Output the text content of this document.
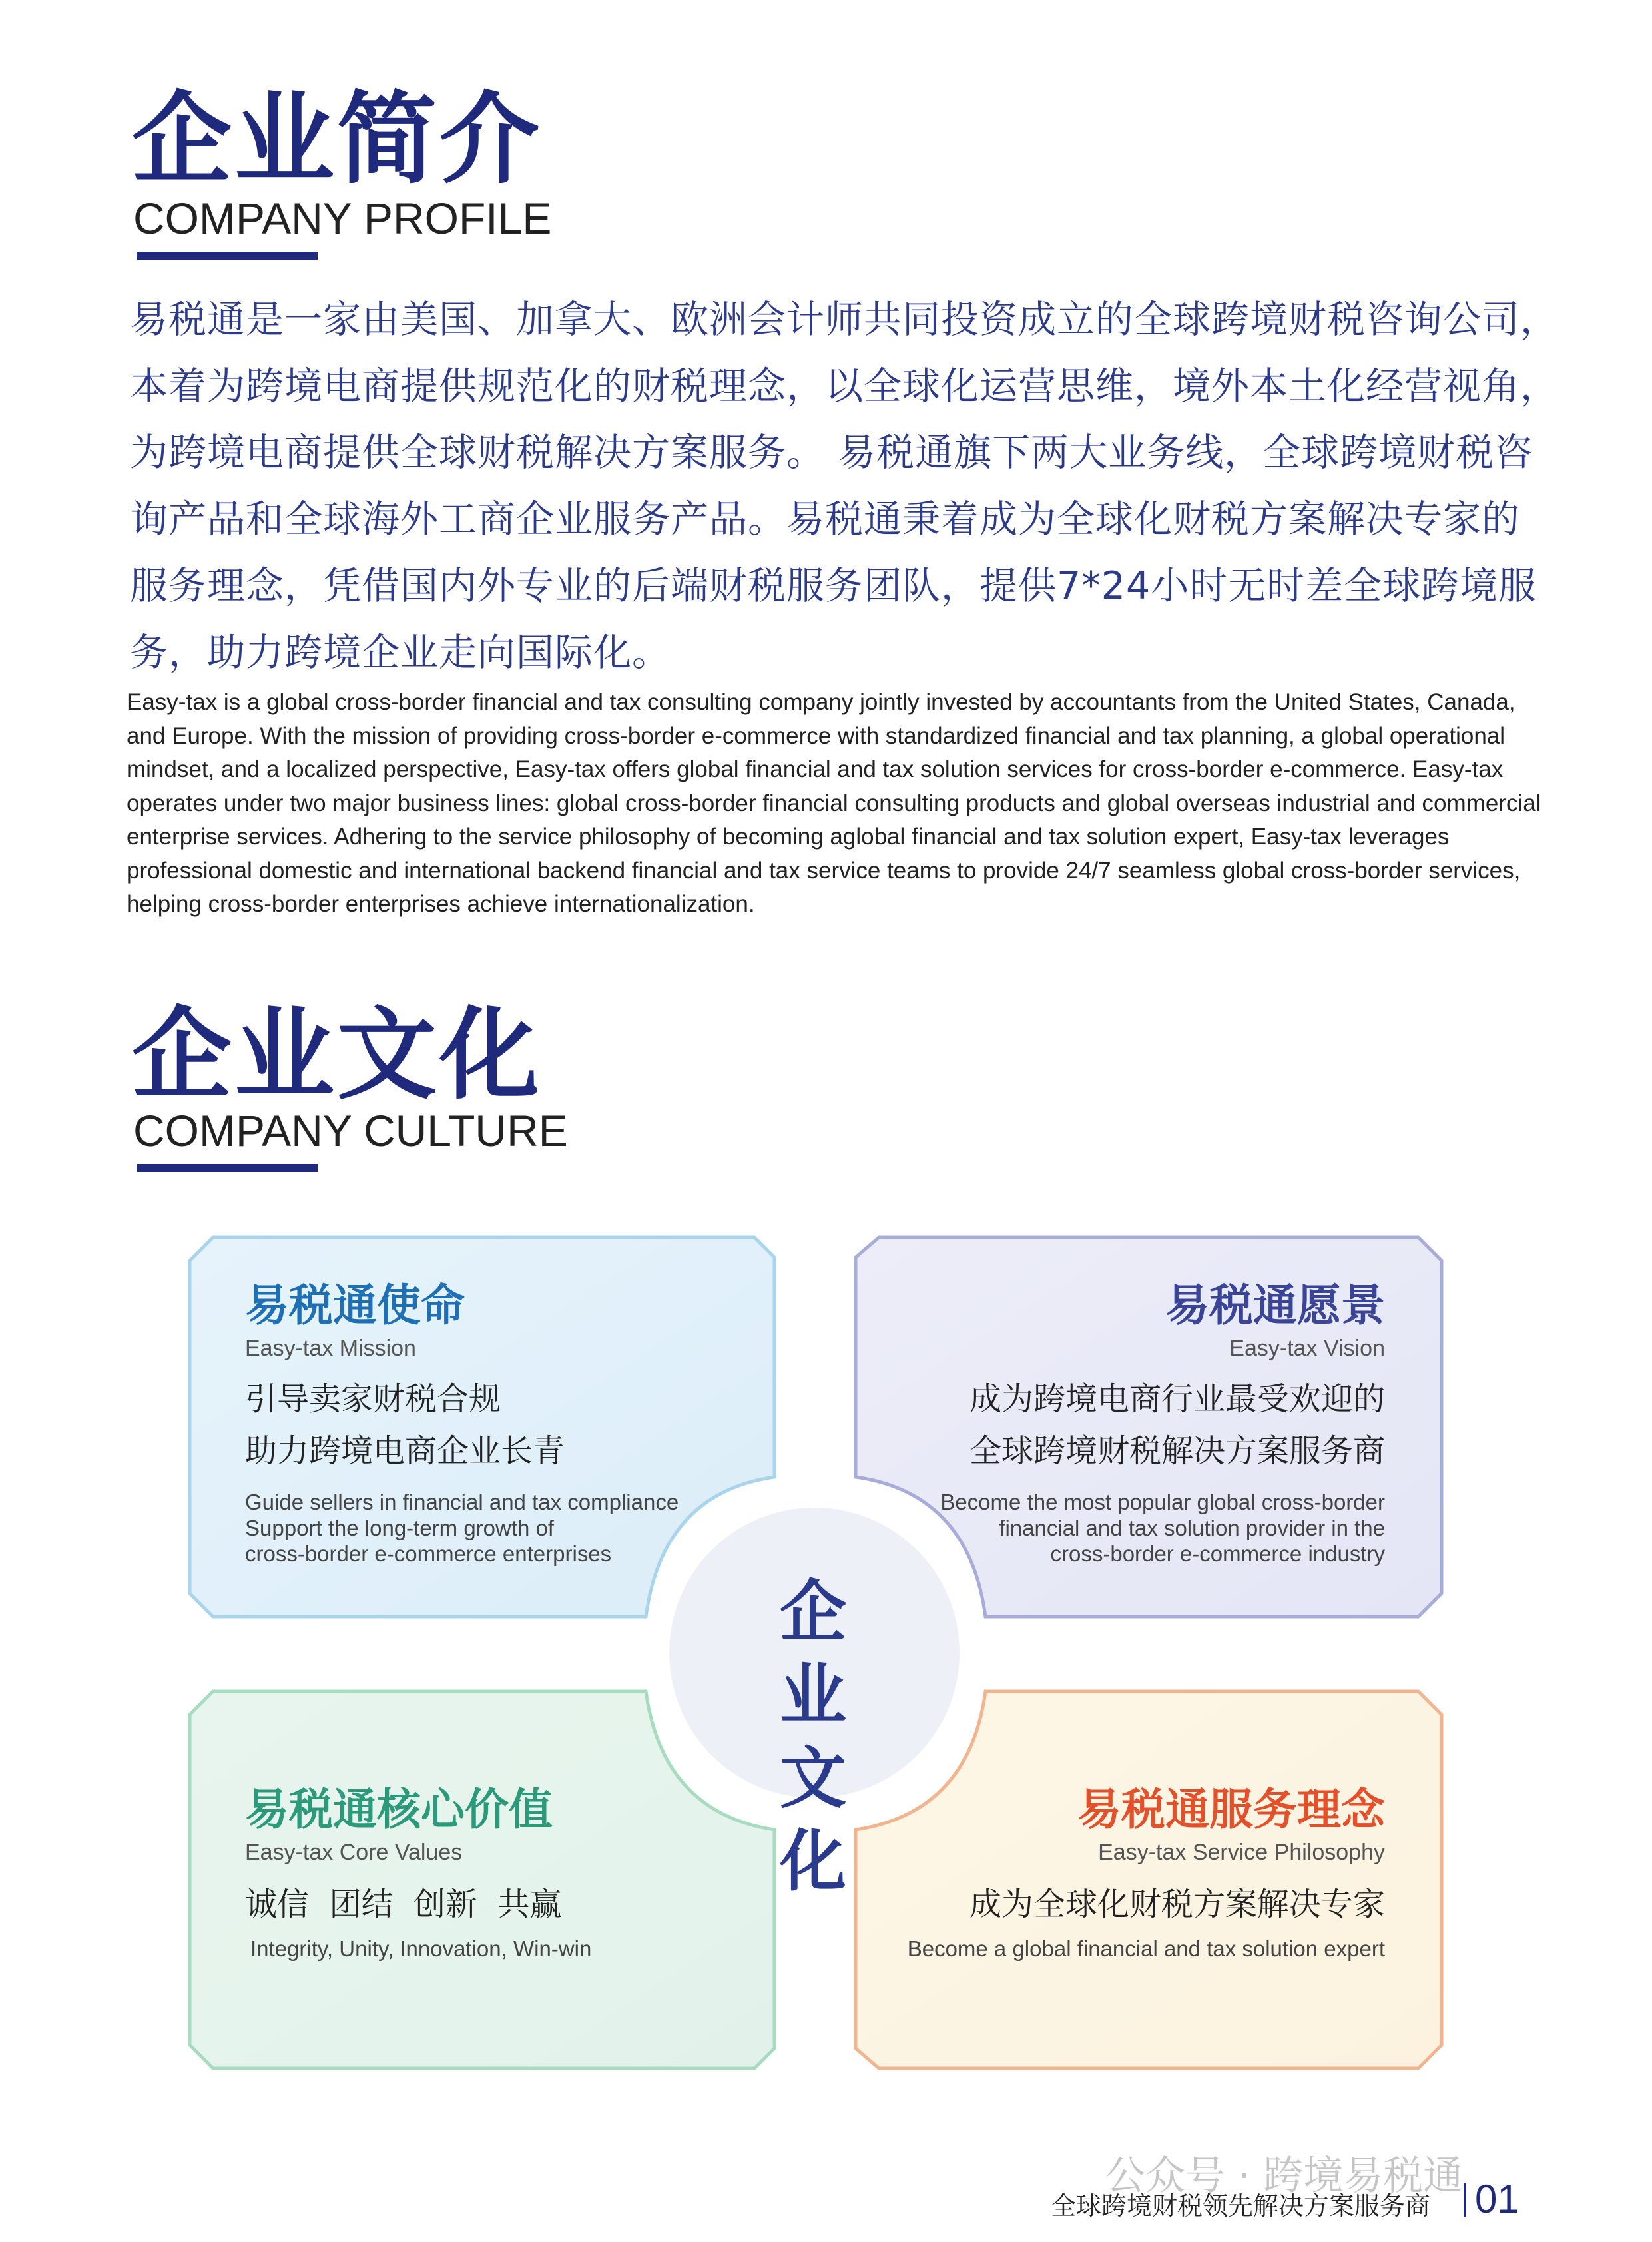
企业简介
COMPANY PROFILE
易税通是一家由美国、加拿大、欧洲会计师共同投资成立的全球跨境财税咨询公司，
本着为跨境电商提供规范化的财税理念，以全球化运营思维，境外本土化经营视角，
为跨境电商提供全球财税解决方案服务。 易税通旗下两大业务线，全球跨境财税咨
询产品和全球海外工商企业服务产品。易税通秉着成为全球化财税方案解决专家的
服务理念，凭借国内外专业的后端财税服务团队，提供7*24小时无时差全球跨境服
务，助力跨境企业走向国际化。
Easy-tax is a global cross-border financial and tax consulting company jointly invested by accountants from the United States, Canada,
and Europe. With the mission of providing cross-border e-commerce with standardized financial and tax planning, a global operational
mindset, and a localized perspective, Easy-tax offers global financial and tax solution services for cross-border e-commerce. Easy-tax
operates under two major business lines: global cross-border financial consulting products and global overseas industrial and commercial
enterprise services. Adhering to the service philosophy of becoming aglobal financial and tax solution expert, Easy-tax leverages
professional domestic and international backend financial and tax service teams to provide 24/7 seamless global cross-border services,
helping cross-border enterprises achieve internationalization.
企业文化
COMPANY CULTURE
企业
文化
易税通使命
Easy-tax Mission
引导卖家财税合规
助力跨境电商企业长青
Guide sellers in financial and tax compliance
Support the long-term growth of
cross-border e-commerce enterprises
易税通愿景
Easy-tax Vision
成为跨境电商行业最受欢迎的
全球跨境财税解决方案服务商
Become the most popular global cross-border
financial and tax solution provider in the
cross-border e-commerce industry
易税通核心价值
Easy-tax Core Values
诚信  团结  创新  共赢
Integrity, Unity, Innovation, Win-win
易税通服务理念
Easy-tax Service Philosophy
成为全球化财税方案解决专家
Become a global financial and tax solution expert
公众号 · 跨境易税通
全球跨境财税领先解决方案服务商 01
